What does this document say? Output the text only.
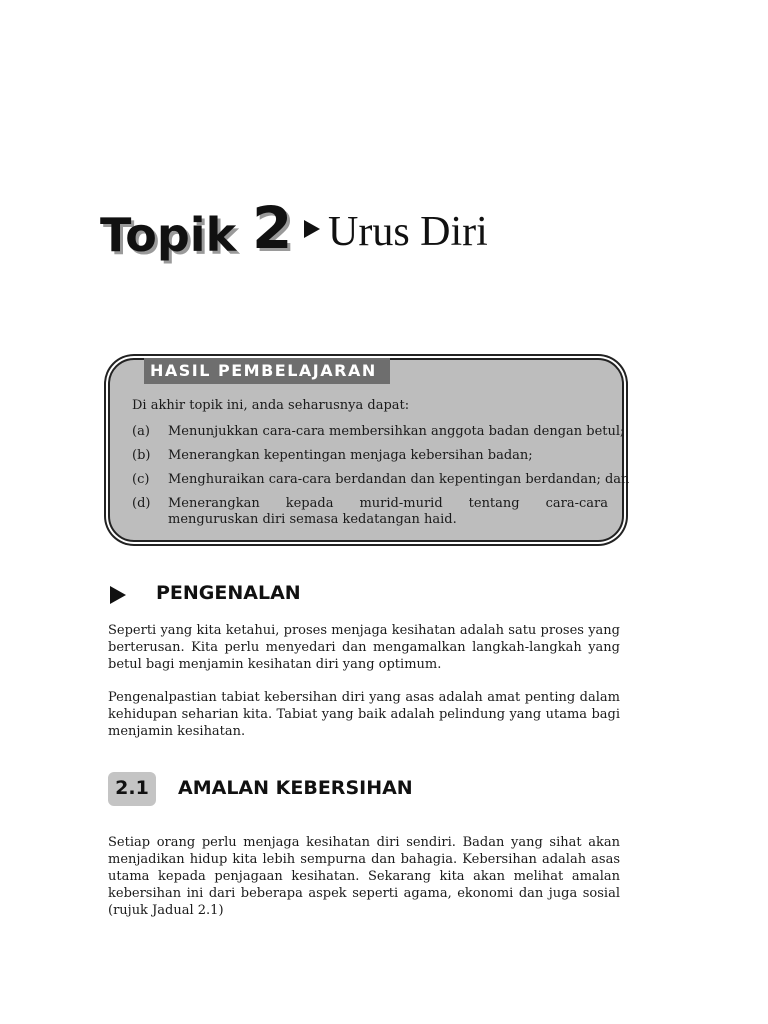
Topik 2 Urus Diri
HASIL PEMBELAJARAN
Di akhir topik ini, anda seharusnya dapat:
(a) Menunjukkan cara-cara membersihkan anggota badan dengan betul;
(b) Menerangkan kepentingan menjaga kebersihan badan;
(c) Menghuraikan cara-cara berdandan dan kepentingan berdandan; dan
(d) Menerangkan kepada murid-murid tentang cara-cara menguruskan diri semasa kedatangan haid.
PENGENALAN

Seperti yang kita ketahui, proses menjaga kesihatan adalah satu proses yang berterusan. Kita perlu menyedari dan mengamalkan langkah-langkah yang betul bagi menjamin kesihatan diri yang optimum.

Pengenalpastian tabiat kebersihan diri yang asas adalah amat penting dalam kehidupan seharian kita. Tabiat yang baik adalah pelindung yang utama bagi menjamin kesihatan.

2.1	AMALAN KEBERSIHAN

Setiap orang perlu menjaga kesihatan diri sendiri. Badan yang sihat akan menjadikan hidup kita lebih sempurna dan bahagia. Kebersihan adalah asas utama kepada penjagaan kesihatan. Sekarang kita akan melihat amalan kebersihan ini dari beberapa aspek seperti agama, ekonomi dan juga sosial (rujuk Jadual 2.1)
